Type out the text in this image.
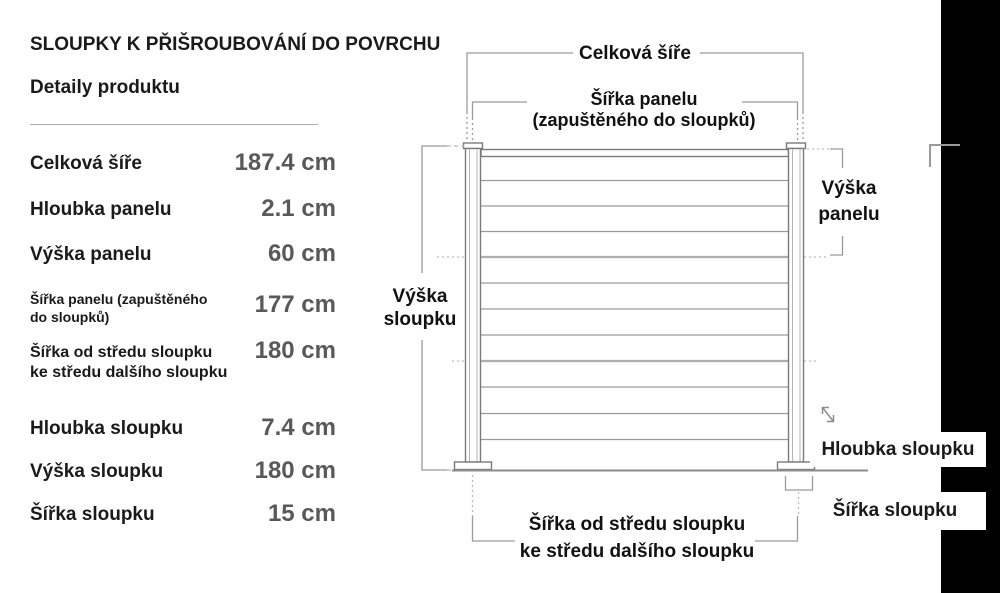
SLOUPKY K PŘIŠROUBOVÁNÍ DO POVRCHU
Detaily produktu
Celková šíře	187.4 cm
Hloubka panelu	2.1 cm
Výška panelu	60 cm
Šířka panelu (zapuštěného
do sloupků)	177 cm
Šířka od středu sloupku
ke středu dalšího sloupku
180 cm
Hloubka sloupku	7.4 cm
Výška sloupku	180 cm
Šířka sloupku	15 cm
Celková šíře
Šířka panelu
(zapuštěného do sloupků)
Výška
panelu
Výška
sloupku
Šířka od středu sloupku
ke středu dalšího sloupku
Hloubka sloupku
Šířka sloupku
